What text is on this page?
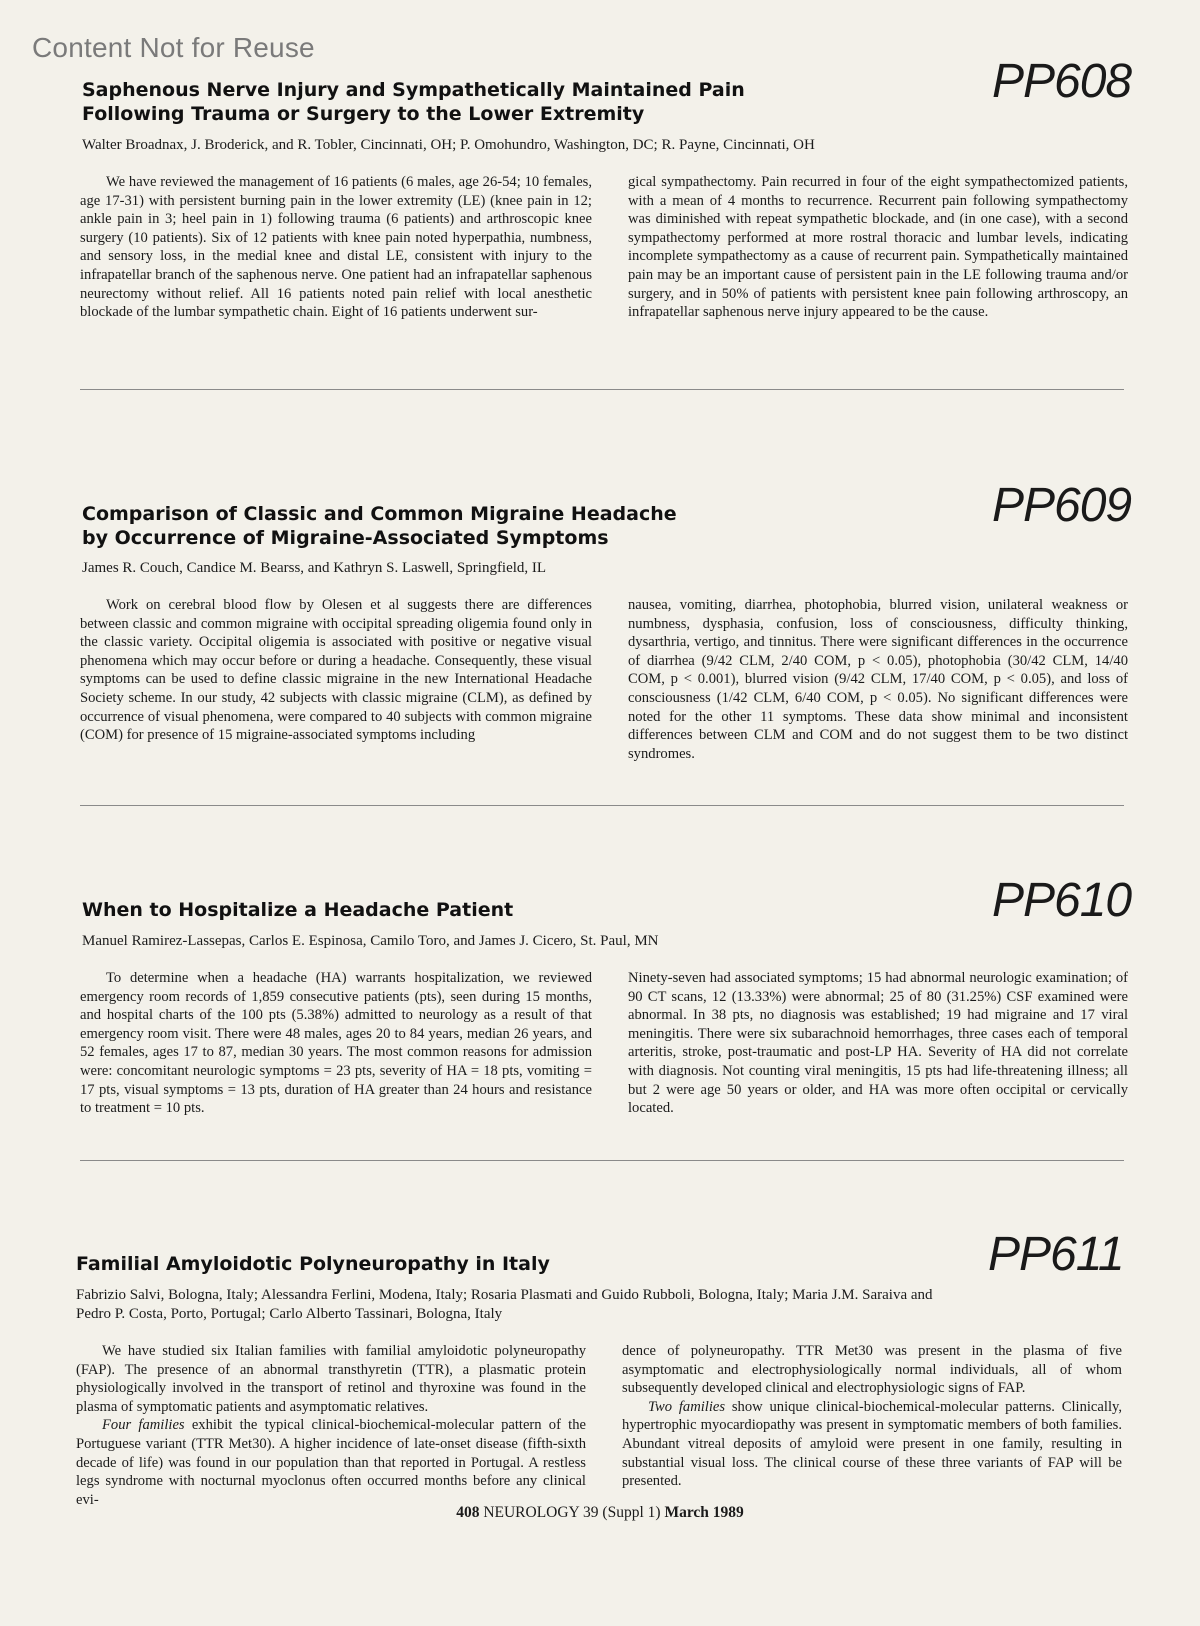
Content Not for Reuse
Saphenous Nerve Injury and Sympathetically Maintained Pain
Following Trauma or Surgery to the Lower Extremity
PP608
Walter Broadnax, J. Broderick, and R. Tobler, Cincinnati, OH; P. Omohundro, Washington, DC; R. Payne, Cincinnati, OH

We have reviewed the management of 16 patients (6 males, age 26-54; 10 females, age 17-31) with persistent burning pain in the lower extremity (LE) (knee pain in 12; ankle pain in 3; heel pain in 1) following trauma (6 patients) and arthroscopic knee surgery (10 patients). Six of 12 patients with knee pain noted hyperpathia, numbness, and sensory loss, in the medial knee and distal LE, consistent with injury to the infrapatellar branch of the saphenous nerve. One patient had an infrapatellar saphenous neurectomy without relief. All 16 patients noted pain relief with local anesthetic blockade of the lumbar sympathetic chain. Eight of 16 patients underwent sur-

gical sympathectomy. Pain recurred in four of the eight sympathectomized patients, with a mean of 4 months to recurrence. Recurrent pain following sympathectomy was diminished with repeat sympathetic blockade, and (in one case), with a second sympathectomy performed at more rostral thoracic and lumbar levels, indicating incomplete sympathectomy as a cause of recurrent pain. Sympathetically maintained pain may be an important cause of persistent pain in the LE following trauma and/or surgery, and in 50% of patients with persistent knee pain following arthroscopy, an infrapatellar saphenous nerve injury appeared to be the cause.

Comparison of Classic and Common Migraine Headache
by Occurrence of Migraine-Associated Symptoms
PP609
James R. Couch, Candice M. Bearss, and Kathryn S. Laswell, Springfield, IL

Work on cerebral blood flow by Olesen et al suggests there are differences between classic and common migraine with occipital spreading oligemia found only in the classic variety. Occipital oligemia is associated with positive or negative visual phenomena which may occur before or during a headache. Consequently, these visual symptoms can be used to define classic migraine in the new International Headache Society scheme. In our study, 42 subjects with classic migraine (CLM), as defined by occurrence of visual phenomena, were compared to 40 subjects with common migraine (COM) for presence of 15 migraine-associated symptoms including

nausea, vomiting, diarrhea, photophobia, blurred vision, unilateral weakness or numbness, dysphasia, confusion, loss of consciousness, difficulty thinking, dysarthria, vertigo, and tinnitus. There were significant differences in the occurrence of diarrhea (9/42 CLM, 2/40 COM, p < 0.05), photophobia (30/42 CLM, 14/40 COM, p < 0.001), blurred vision (9/42 CLM, 17/40 COM, p < 0.05), and loss of consciousness (1/42 CLM, 6/40 COM, p < 0.05). No significant differences were noted for the other 11 symptoms. These data show minimal and inconsistent differences between CLM and COM and do not suggest them to be two distinct syndromes.

When to Hospitalize a Headache Patient	PP610
Manuel Ramirez-Lassepas, Carlos E. Espinosa, Camilo Toro, and James J. Cicero, St. Paul, MN

To determine when a headache (HA) warrants hospitalization, we reviewed emergency room records of 1,859 consecutive patients (pts), seen during 15 months, and hospital charts of the 100 pts (5.38%) admitted to neurology as a result of that emergency room visit. There were 48 males, ages 20 to 84 years, median 26 years, and 52 females, ages 17 to 87, median 30 years. The most common reasons for admission were: concomitant neurologic symptoms = 23 pts, severity of HA = 18 pts, vomiting = 17 pts, visual symptoms = 13 pts, duration of HA greater than 24 hours and resistance to treatment = 10 pts.

Ninety-seven had associated symptoms; 15 had abnormal neurologic examination; of 90 CT scans, 12 (13.33%) were abnormal; 25 of 80 (31.25%) CSF examined were abnormal. In 38 pts, no diagnosis was established; 19 had migraine and 17 viral meningitis. There were six subarachnoid hemorrhages, three cases each of temporal arteritis, stroke, post-traumatic and post-LP HA. Severity of HA did not correlate with diagnosis. Not counting viral meningitis, 15 pts had life-threatening illness; all but 2 were age 50 years or older, and HA was more often occipital or cervically located.

Familial Amyloidotic Polyneuropathy in Italy	PP611
Fabrizio Salvi, Bologna, Italy; Alessandra Ferlini, Modena, Italy; Rosaria Plasmati and Guido Rubboli, Bologna, Italy; Maria J.M. Saraiva and
Pedro P. Costa, Porto, Portugal; Carlo Alberto Tassinari, Bologna, Italy

We have studied six Italian families with familial amyloidotic polyneuropathy (FAP). The presence of an abnormal transthyretin (TTR), a plasmatic protein physiologically involved in the transport of retinol and thyroxine was found in the plasma of symptomatic patients and asymptomatic relatives.

Four families exhibit the typical clinical-biochemical-molecular pattern of the Portuguese variant (TTR Met30). A higher incidence of late-onset disease (fifth-sixth decade of life) was found in our population than that reported in Portugal. A restless legs syndrome with nocturnal myoclonus often occurred months before any clinical evi-

dence of polyneuropathy. TTR Met30 was present in the plasma of five asymptomatic and electrophysiologically normal individuals, all of whom subsequently developed clinical and electrophysiologic signs of FAP.

Two families show unique clinical-biochemical-molecular patterns. Clinically, hypertrophic myocardiopathy was present in symptomatic members of both families. Abundant vitreal deposits of amyloid were present in one family, resulting in substantial visual loss. The clinical course of these three variants of FAP will be presented.

408 NEUROLOGY 39 (Suppl 1) March 1989
